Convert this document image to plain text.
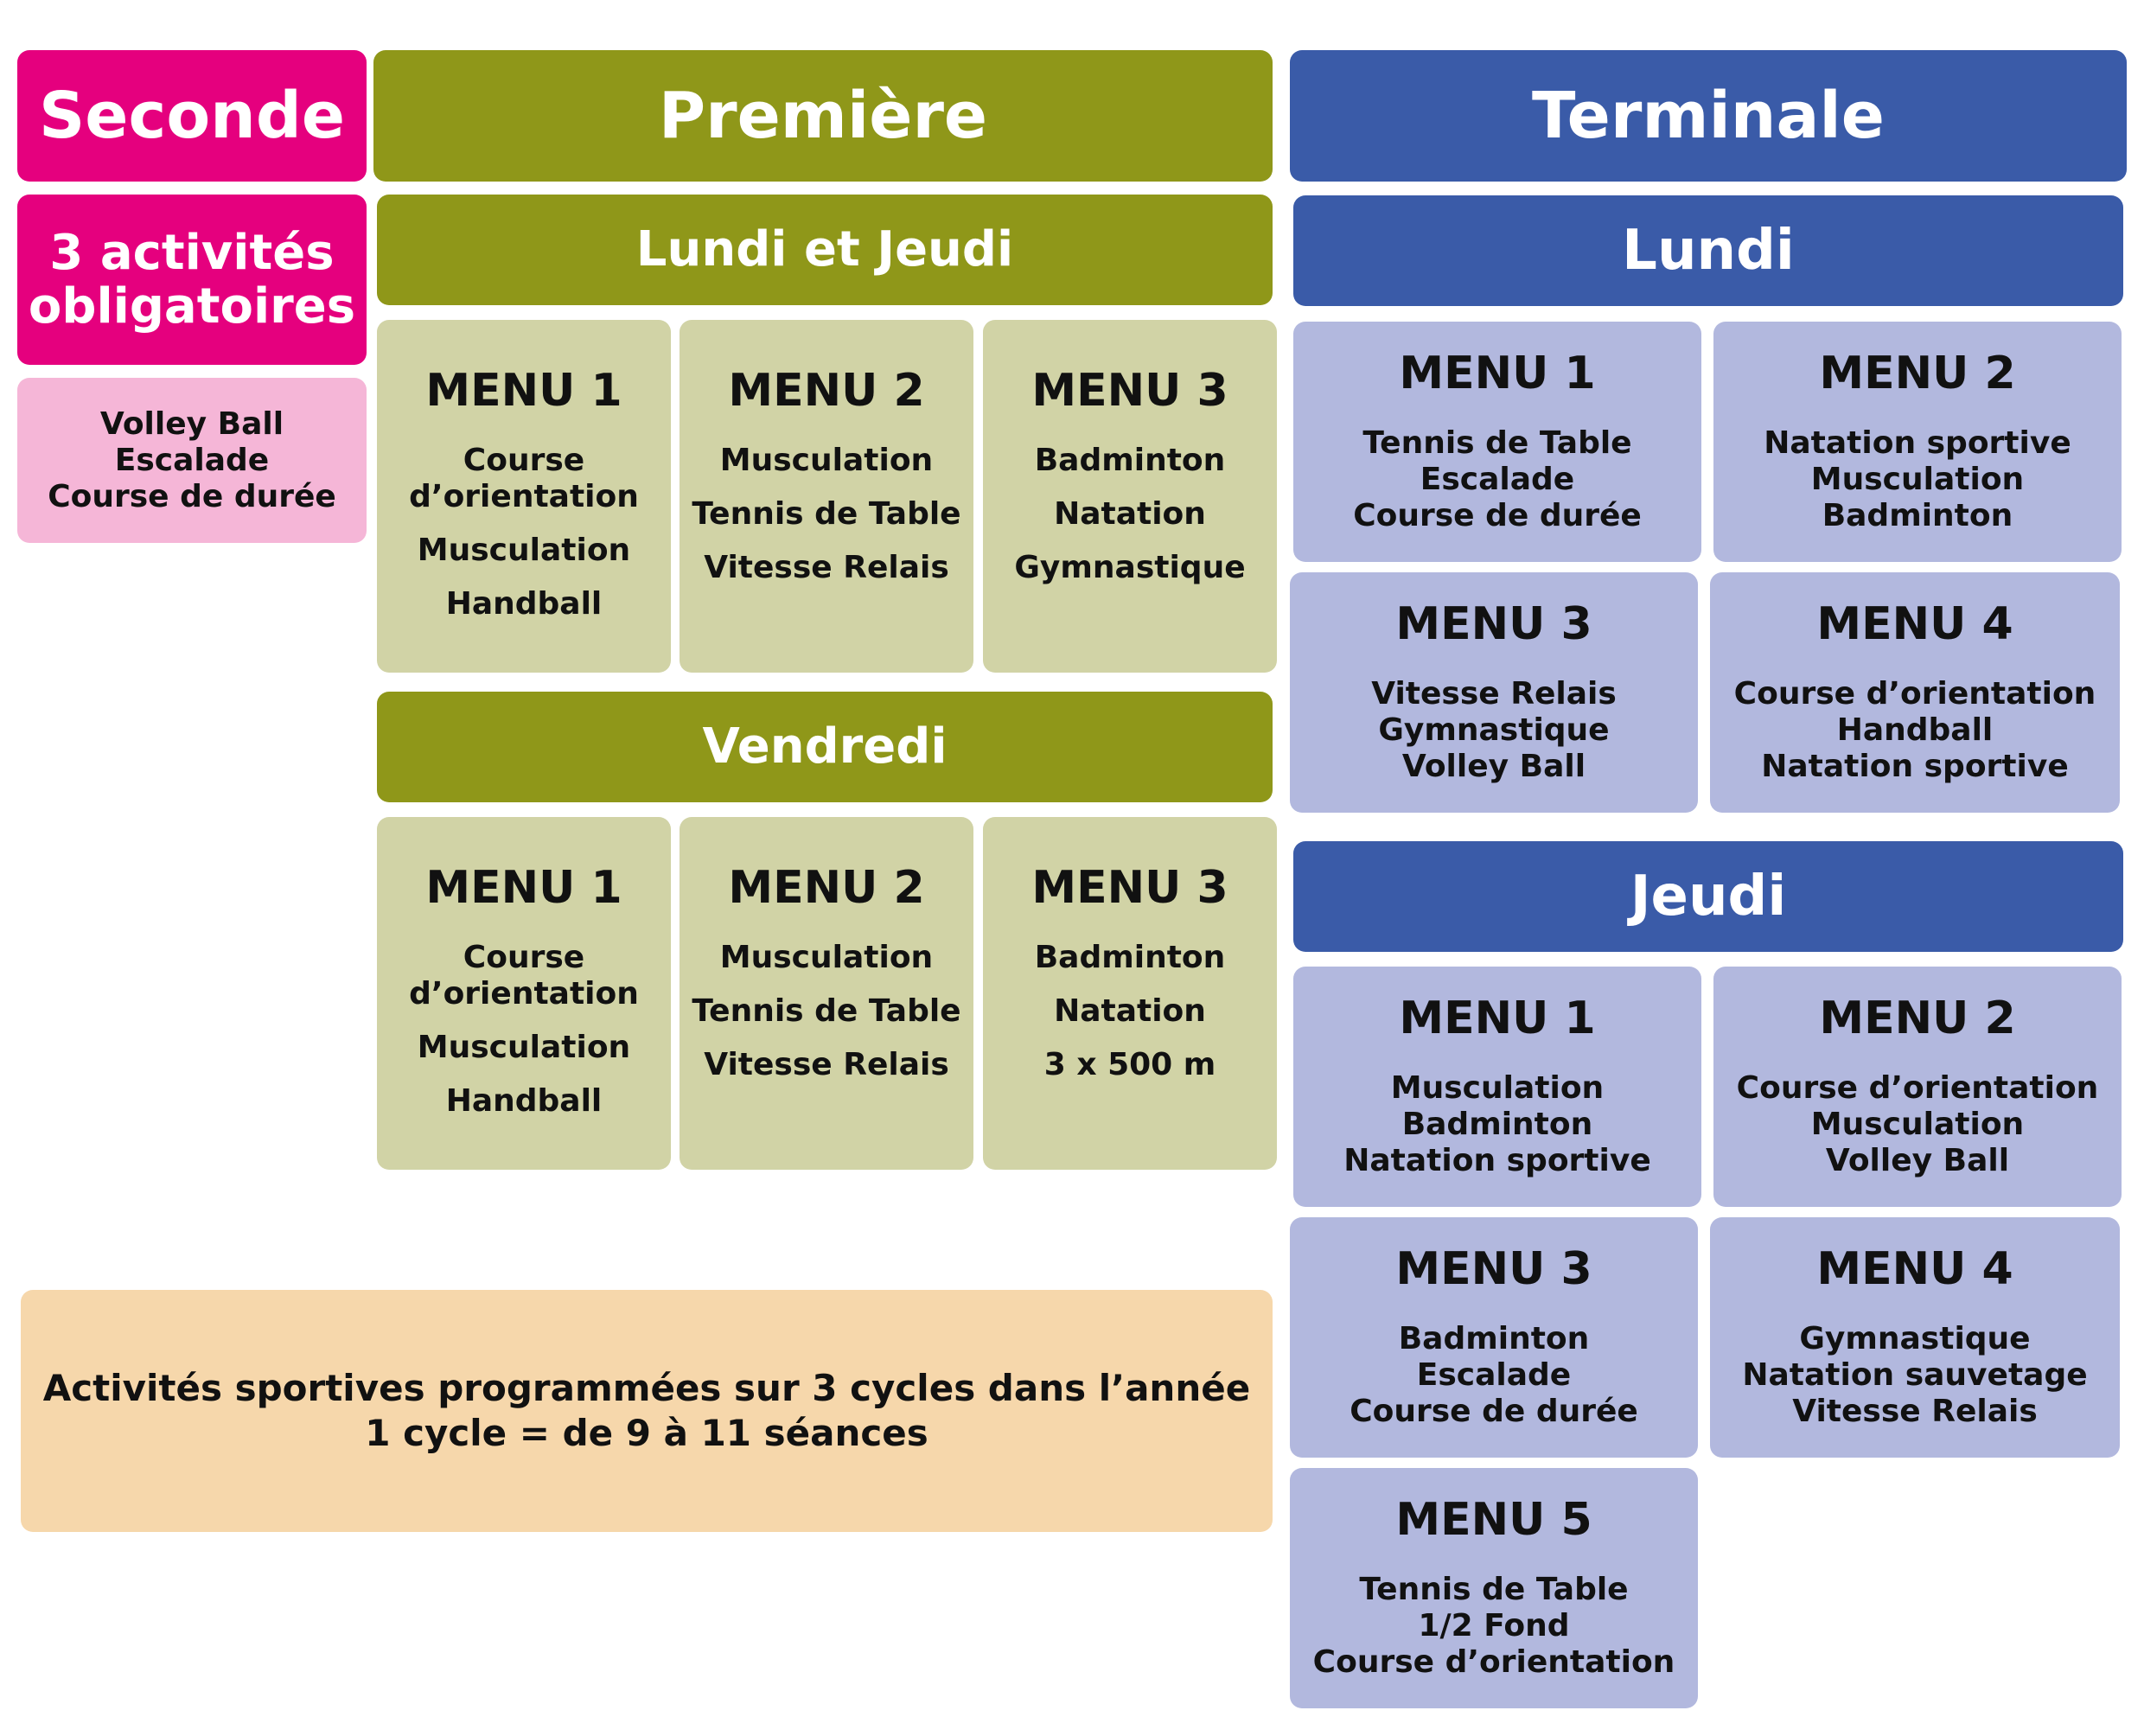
Seconde
3 activités
obligatoires
Volley Ball
Escalade
Course de durée
Première
Lundi et Jeudi
MENU 1
Course
d’orientation
Musculation
Handball
MENU 2
Musculation
Tennis de Table
Vitesse Relais
MENU 3
Badminton
Natation
Gymnastique
Vendredi
MENU 1
Course
d’orientation
Musculation
Handball
MENU 2
Musculation
Tennis de Table
Vitesse Relais
MENU 3
Badminton
Natation
3 x 500 m
Activités sportives programmées sur 3 cycles dans l’année
1 cycle = de 9 à 11 séances
Terminale
Lundi
MENU 1
Tennis de Table
Escalade
Course de durée
MENU 2
Natation sportive
Musculation
Badminton
MENU 3
Vitesse Relais
Gymnastique
Volley Ball
MENU 4
Course d’orientation
Handball
Natation sportive
Jeudi
MENU 1
Musculation
Badminton
Natation sportive
MENU 2
Course d’orientation
Musculation
Volley Ball
MENU 3
Badminton
Escalade
Course de durée
MENU 4
Gymnastique
Natation sauvetage
Vitesse Relais
MENU 5
Tennis de Table
1/2 Fond
Course d’orientation
